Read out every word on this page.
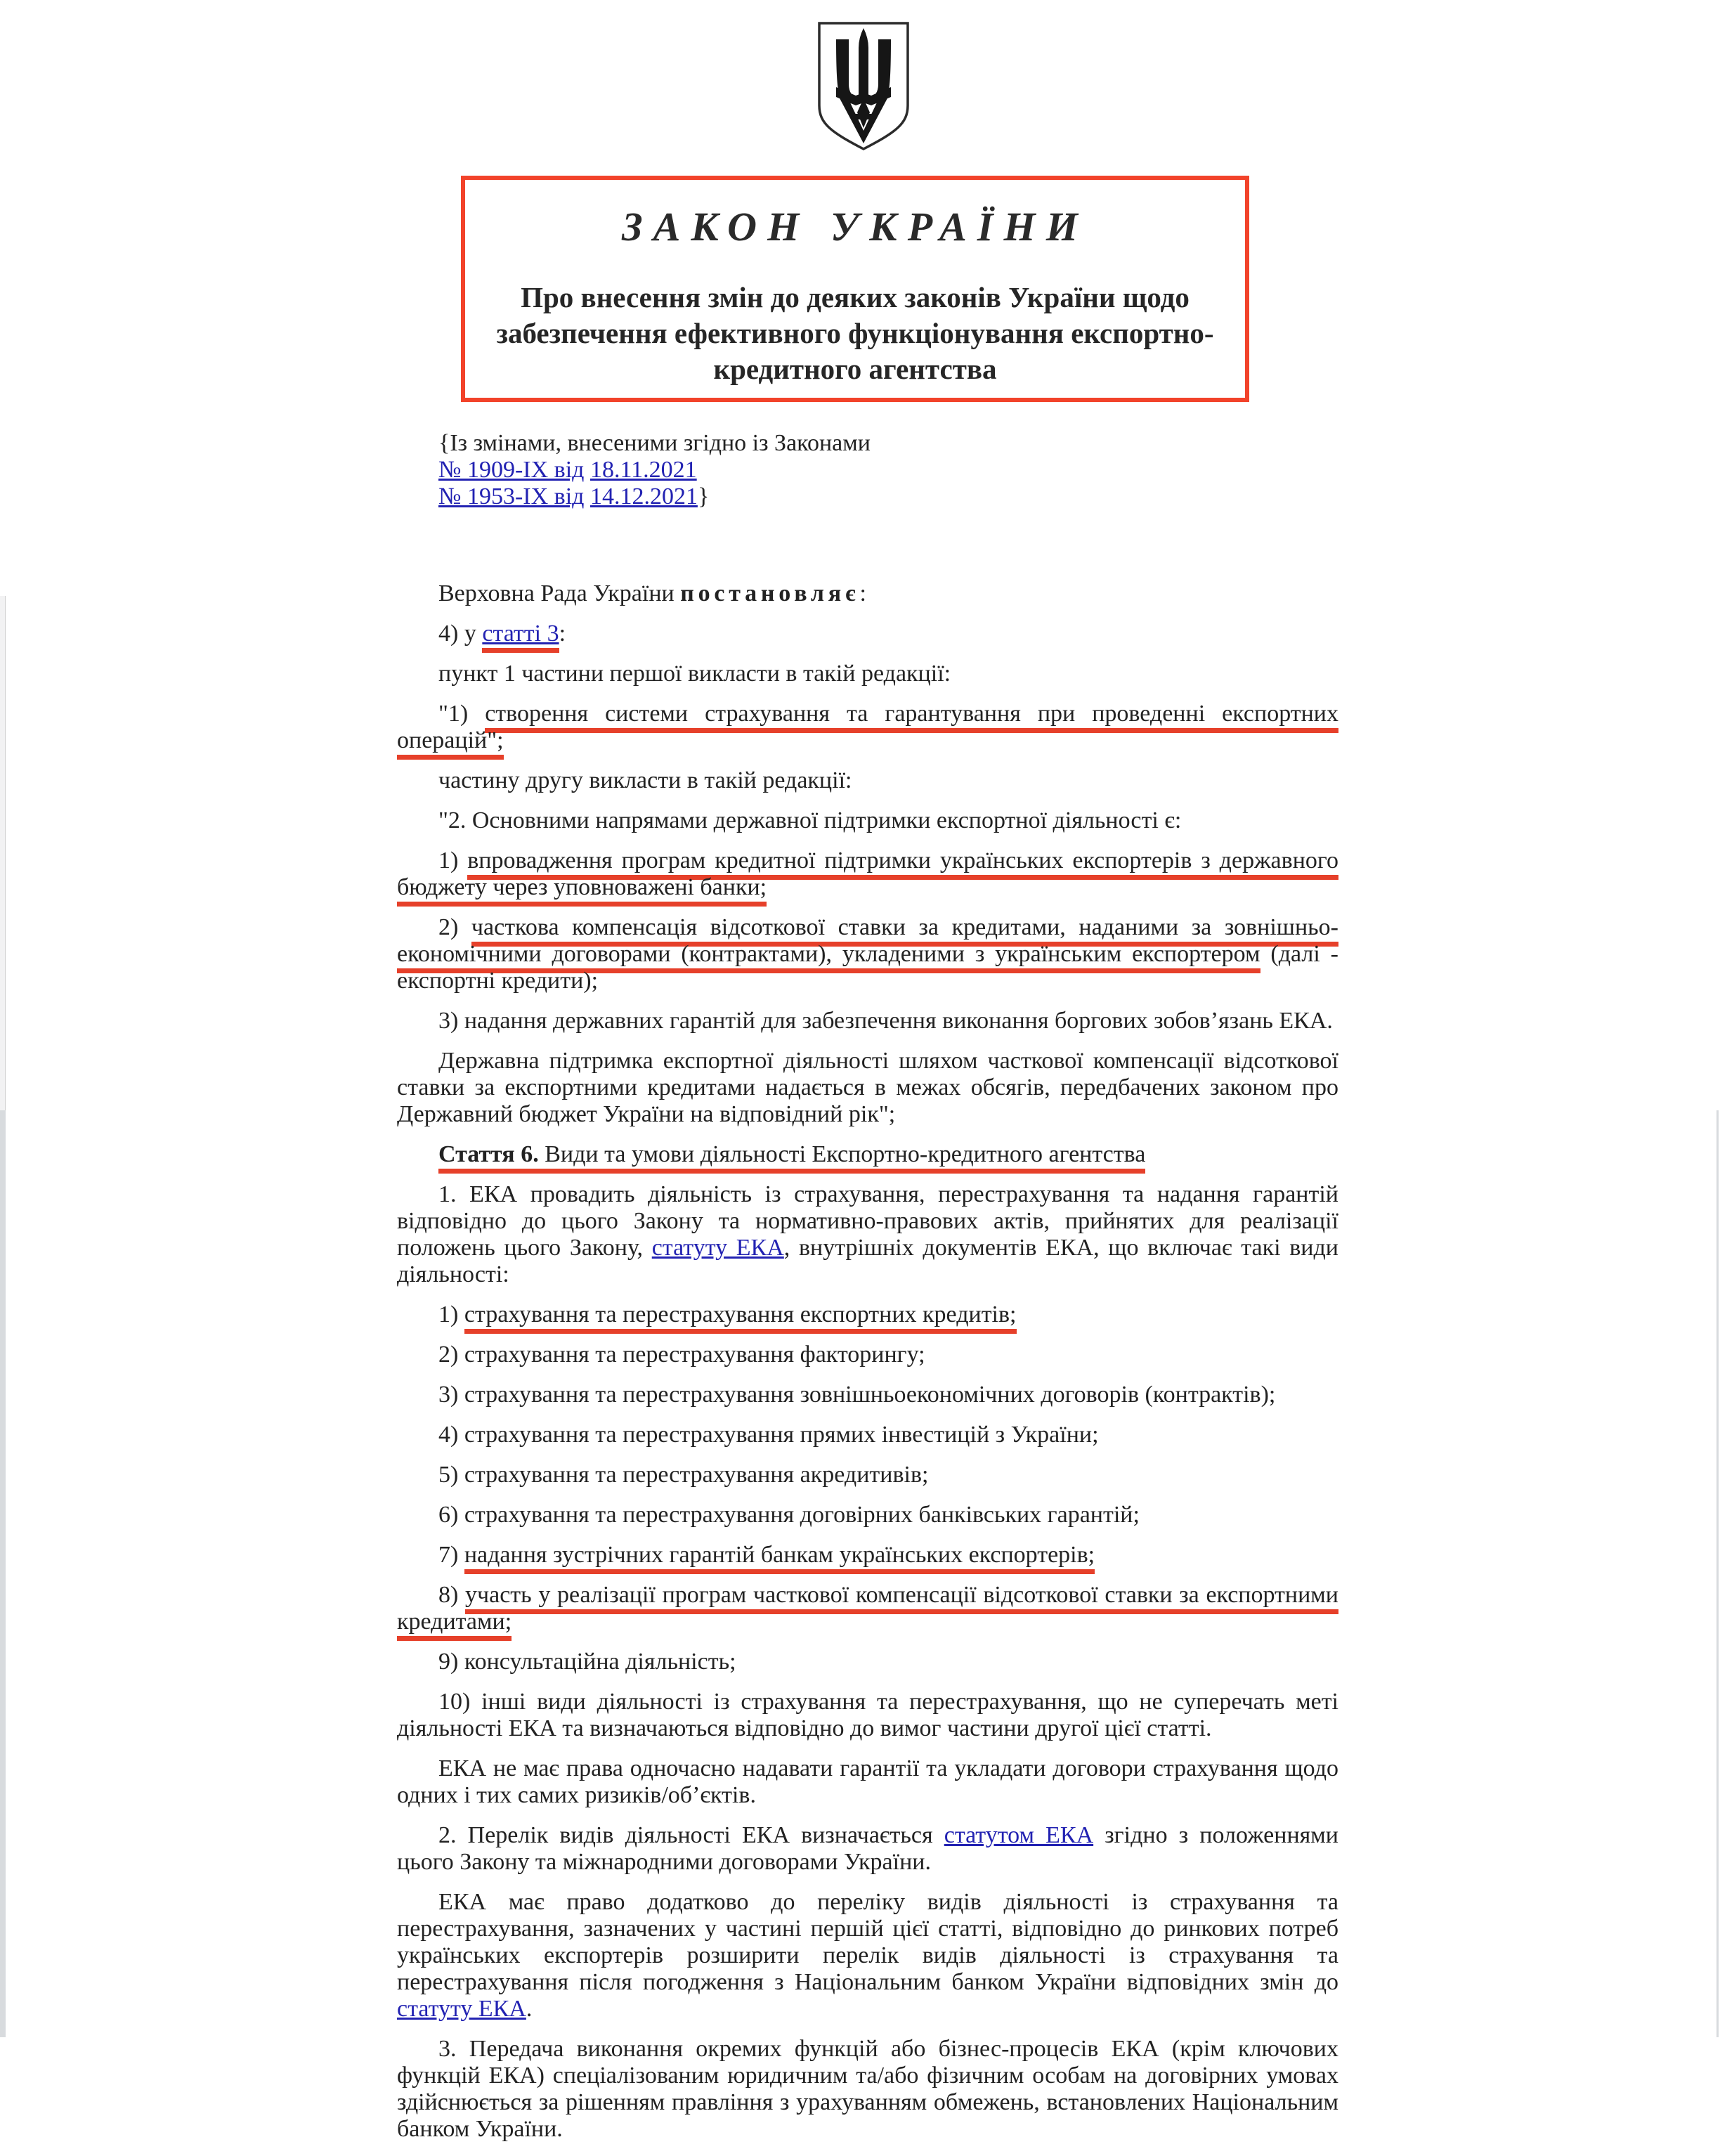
ЗАКОН УКРАЇНИ
Про внесення змін до деяких законів України щодо
забезпечення ефективного функціонування експортно-
кредитного агентства
{Із змінами, внесеними згідно із Законами
№ 1909-IX від 18.11.2021
№ 1953-IX від 14.12.2021}
Верховна Рада України постановляє:
4) у статті 3:
пункт 1 частини першої викласти в такій редакції:
"1) створення системи страхування та гарантування при проведенні експортних операцій";
частину другу викласти в такій редакції:
"2. Основними напрямами державної підтримки експортної діяльності є:
1) впровадження програм кредитної підтримки українських експортерів з державного бюджету через уповноважені банки;
2) часткова компенсація відсоткової ставки за кредитами, наданими за зовнішньо-економічними договорами (контрактами), укладеними з українським експортером (далі - експортні кредити);
3) надання державних гарантій для забезпечення виконання боргових зобов’язань ЕКА.
Державна підтримка експортної діяльності шляхом часткової компенсації відсоткової ставки за експортними кредитами надається в межах обсягів, передбачених законом про Державний бюджет України на відповідний рік";
Стаття 6. Види та умови діяльності Експортно-кредитного агентства
1. ЕКА провадить діяльність із страхування, перестрахування та надання гарантій відповідно до цього Закону та нормативно-правових актів, прийнятих для реалізації положень цього Закону, статуту ЕКА, внутрішніх документів ЕКА, що включає такі види діяльності:
1) страхування та перестрахування експортних кредитів;
2) страхування та перестрахування факторингу;
3) страхування та перестрахування зовнішньоекономічних договорів (контрактів);
4) страхування та перестрахування прямих інвестицій з України;
5) страхування та перестрахування акредитивів;
6) страхування та перестрахування договірних банківських гарантій;
7) надання зустрічних гарантій банкам українських експортерів;
8) участь у реалізації програм часткової компенсації відсоткової ставки за експортними кредитами;
9) консультаційна діяльність;
10) інші види діяльності із страхування та перестрахування, що не суперечать меті діяльності ЕКА та визначаються відповідно до вимог частини другої цієї статті.
ЕКА не має права одночасно надавати гарантії та укладати договори страхування щодо одних і тих самих ризиків/об’єктів.
2. Перелік видів діяльності ЕКА визначається статутом ЕКА згідно з положеннями цього Закону та міжнародними договорами України.
ЕКА має право додатково до переліку видів діяльності із страхування та перестрахування, зазначених у частині першій цієї статті, відповідно до ринкових потреб українських експортерів розширити перелік видів діяльності із страхування та перестрахування після погодження з Національним банком України відповідних змін до статуту ЕКА.
3. Передача виконання окремих функцій або бізнес-процесів ЕКА (крім ключових функцій ЕКА) спеціалізованим юридичним та/або фізичним особам на договірних умовах здійснюється за рішенням правління з урахуванням обмежень, встановлених Національним банком України.
